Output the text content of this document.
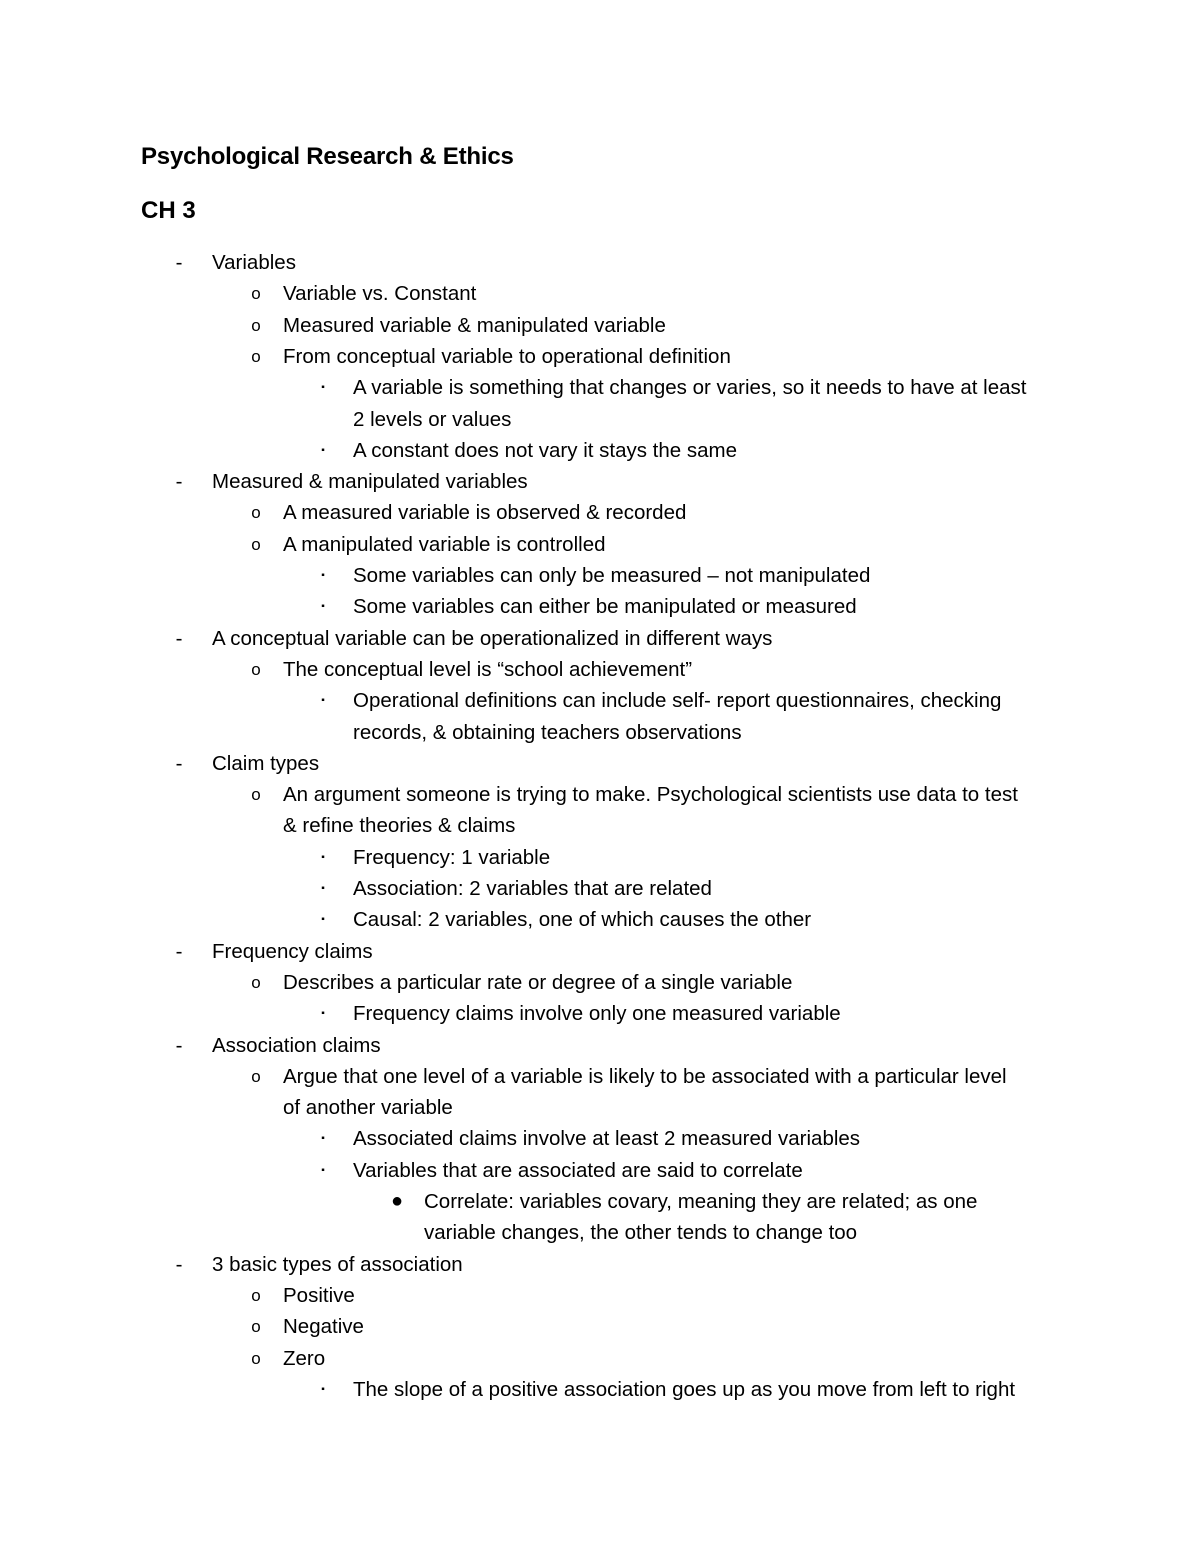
Psychological Research & Ethics
CH 3
-	Variables
o Variable vs. Constant
o Measured variable & manipulated variable
o From conceptual variable to operational definition
▪	A variable is something that changes or varies, so it needs to have at least
2 levels or values
▪	A constant does not vary it stays the same
-	Measured & manipulated variables
o A measured variable is observed & recorded
o A manipulated variable is controlled
▪	Some variables can only be measured – not manipulated
▪	Some variables can either be manipulated or measured
-	A conceptual variable can be operationalized in different ways
o The conceptual level is “school achievement”
▪	Operational definitions can include self- report questionnaires, checking
records, & obtaining teachers observations
-	Claim types
o An argument someone is trying to make. Psychological scientists use data to test
& refine theories & claims
▪	Frequency: 1 variable
▪	Association: 2 variables that are related
▪	Causal: 2 variables, one of which causes the other
-	Frequency claims
o Describes a particular rate or degree of a single variable
▪	Frequency claims involve only one measured variable
-	Association claims
o Argue that one level of a variable is likely to be associated with a particular level
of another variable
▪	Associated claims involve at least 2 measured variables
▪	Variables that are associated are said to correlate
● Correlate: variables covary, meaning they are related; as one
variable changes, the other tends to change too
-	3 basic types of association
o Positive
o Negative
o Zero
▪	The slope of a positive association goes up as you move from left to right
